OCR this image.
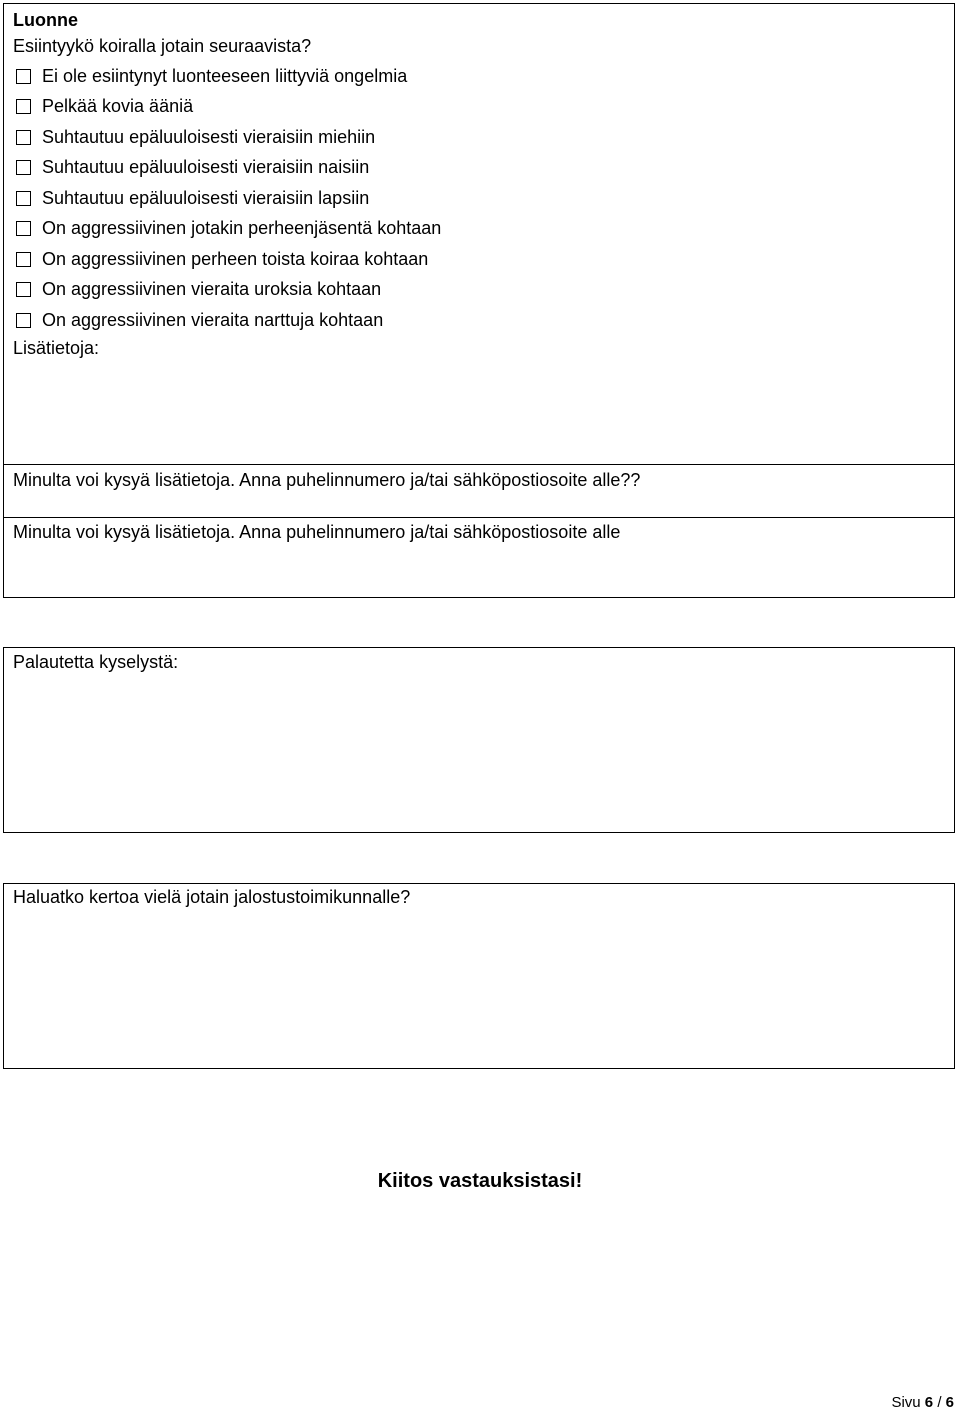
Luonne
Esiintyykö koiralla jotain seuraavista?
Ei ole esiintynyt luonteeseen liittyviä ongelmia
Pelkää kovia ääniä
Suhtautuu epäluuloisesti vieraisiin miehiin
Suhtautuu epäluuloisesti vieraisiin naisiin
Suhtautuu epäluuloisesti vieraisiin lapsiin
On aggressiivinen jotakin perheenjäsentä kohtaan
On aggressiivinen perheen toista koiraa kohtaan
On aggressiivinen vieraita uroksia kohtaan
On aggressiivinen vieraita narttuja kohtaan
Lisätietoja:
Minulta voi kysyä lisätietoja. Anna puhelinnumero ja/tai sähköpostiosoite alle??
Minulta voi kysyä lisätietoja. Anna puhelinnumero ja/tai sähköpostiosoite alle
Palautetta kyselystä:
Haluatko kertoa vielä jotain jalostustoimikunnalle?
Kiitos vastauksistasi!
Sivu 6 / 6
